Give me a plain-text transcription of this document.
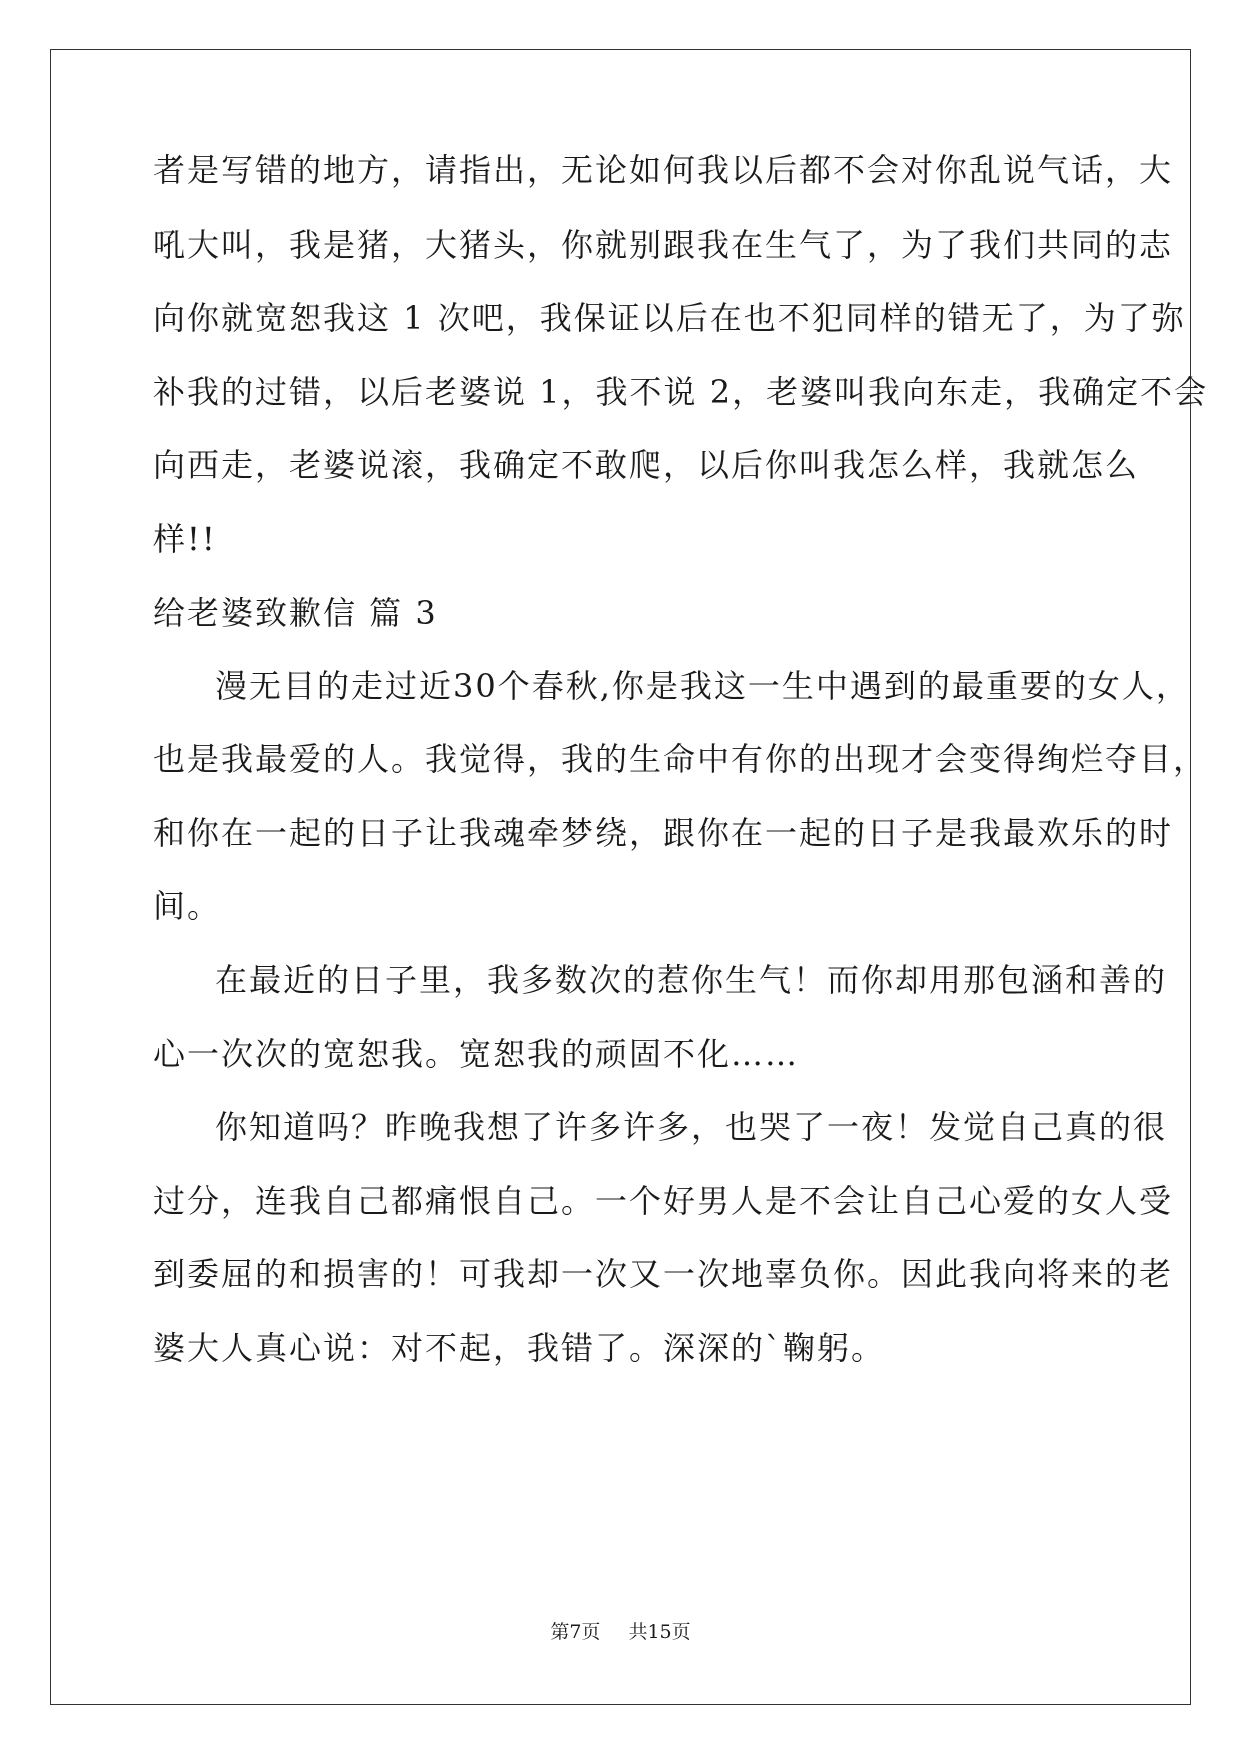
者是写错的地方，请指出，无论如何我以后都不会对你乱说气话，大
吼大叫，我是猪，大猪头，你就别跟我在生气了，为了我们共同的志
向你就宽恕我这 1 次吧，我保证以后在也不犯同样的错无了，为了弥
补我的过错，以后老婆说 1，我不说 2，老婆叫我向东走，我确定不会
向西走，老婆说滚，我确定不敢爬，以后你叫我怎么样，我就怎么
样!!
给老婆致歉信 篇 3
漫无目的走过近30个春秋,你是我这一生中遇到的最重要的女人，
也是我最爱的人。我觉得，我的生命中有你的出现才会变得绚烂夺目，
和你在一起的日子让我魂牵梦绕，跟你在一起的日子是我最欢乐的时
间。
在最近的日子里，我多数次的惹你生气！而你却用那包涵和善的
心一次次的宽恕我。宽恕我的顽固不化……
你知道吗？昨晚我想了许多许多，也哭了一夜！发觉自己真的很
过分，连我自己都痛恨自己。一个好男人是不会让自己心爱的女人受
到委屈的和损害的！可我却一次又一次地辜负你。因此我向将来的老
婆大人真心说：对不起，我错了。深深的`鞠躬。
第7页 共15页
